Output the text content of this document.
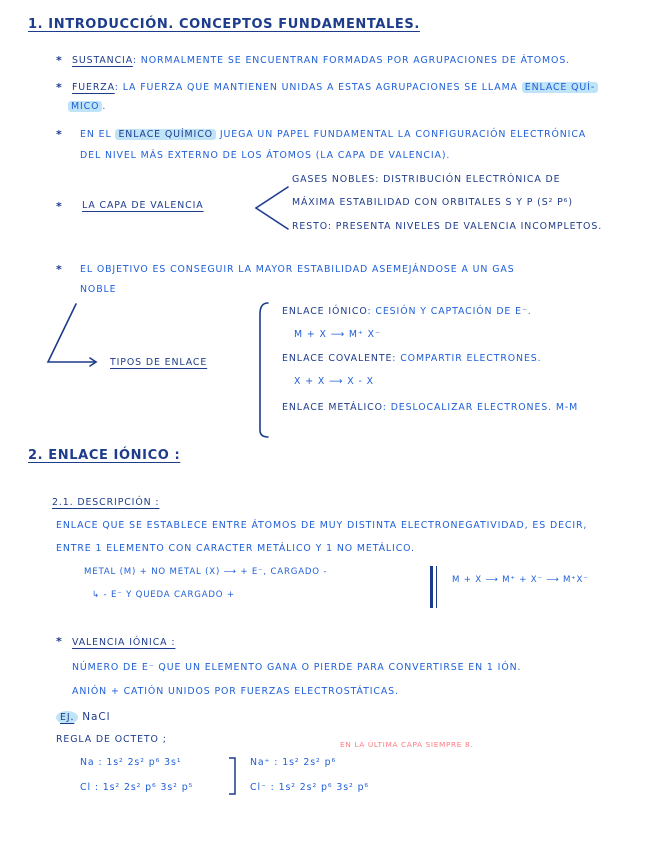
1. INTRODUCCIÓN. CONCEPTOS FUNDAMENTALES.
* SUSTANCIA: NORMALMENTE SE ENCUENTRAN FORMADAS POR AGRUPACIONES DE ÁTOMOS.
* FUERZA: LA FUERZA QUE MANTIENEN UNIDAS A ESTAS AGRUPACIONES SE LLAMA ENLACE QUÍ-
MICO .
* EN EL ENLACE QUÍMICO JUEGA UN PAPEL FUNDAMENTAL LA CONFIGURACIÓN ELECTRÓNICA
DEL NIVEL MÁS EXTERNO DE LOS ÁTOMOS (LA CAPA DE VALENCIA).
* LA CAPA DE VALENCIA
GASES NOBLES: DISTRIBUCIÓN ELECTRÓNICA DE
MÁXIMA ESTABILIDAD CON ORBITALES S Y P (S² P⁶)
RESTO: PRESENTA NIVELES DE VALENCIA INCOMPLETOS.
* EL OBJETIVO ES CONSEGUIR LA MAYOR ESTABILIDAD ASEMEJÁNDOSE A UN GAS
NOBLE
TIPOS DE ENLACE
ENLACE IÓNICO: CESIÓN Y CAPTACIÓN DE E⁻.
M + X ⟶ M⁺ X⁻
ENLACE COVALENTE: COMPARTIR ELECTRONES.
X + X ⟶ X - X
ENLACE METÁLICO: DESLOCALIZAR ELECTRONES. M-M
2. ENLACE IÓNICO :
2.1. DESCRIPCIÓN :
ENLACE QUE SE ESTABLECE ENTRE ÁTOMOS DE MUY DISTINTA ELECTRONEGATIVIDAD, ES DECIR,
ENTRE 1 ELEMENTO CON CARACTER METÁLICO Y 1 NO METÁLICO.
METAL (M) + NO METAL (X) ⟶ + E⁻, CARGADO -
↳ - E⁻ Y QUEDA CARGADO +
M + X ⟶ M⁺ + X⁻ ⟶ M⁺X⁻
* VALENCIA IÓNICA :
NÚMERO DE E⁻ QUE UN ELEMENTO GANA O PIERDE PARA CONVERTIRSE EN 1 IÓN.
ANIÓN + CATIÓN UNIDOS POR FUERZAS ELECTROSTÁTICAS.
EJ. NaCl
REGLA DE OCTETO ;	EN LA ÚLTIMA CAPA SIEMPRE 8.
Na : 1s² 2s² p⁶ 3s¹
Cl : 1s² 2s² p⁶ 3s² p⁵
Na⁺ : 1s² 2s² p⁶
Cl⁻ : 1s² 2s² p⁶ 3s² p⁶
